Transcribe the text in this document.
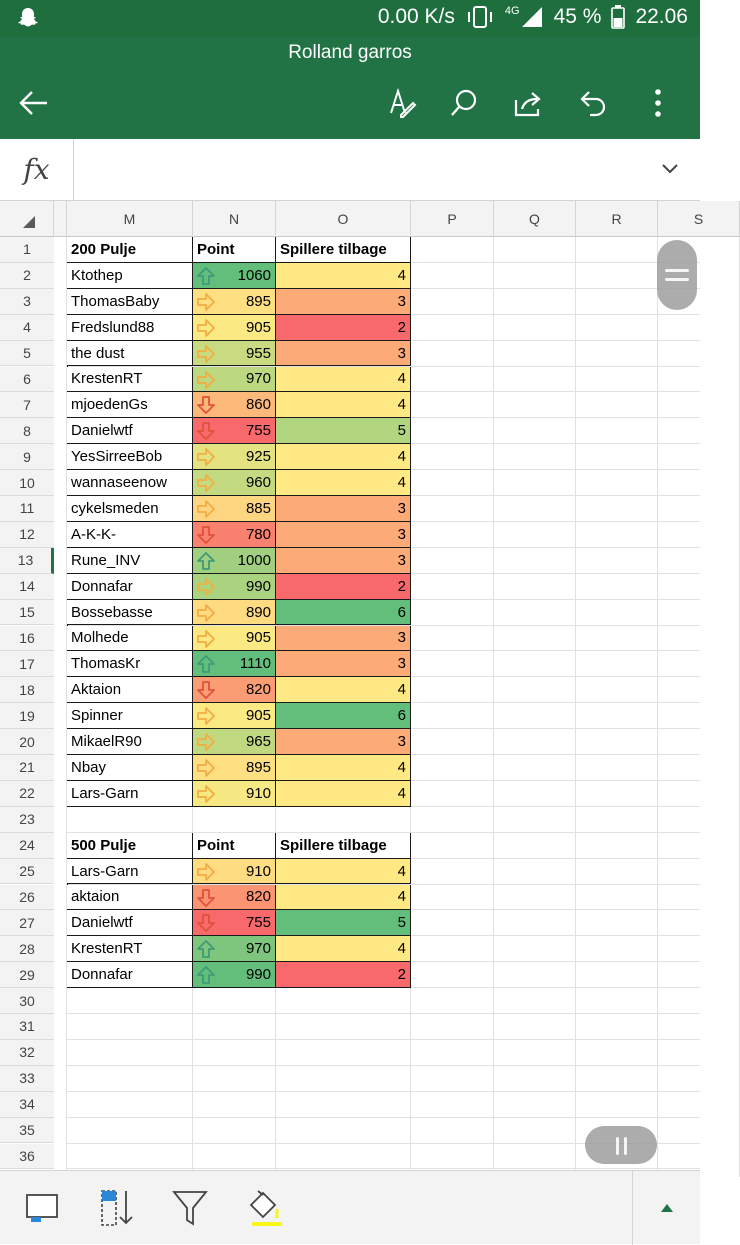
0.00 K/s	4G 45 % 22.06
Rolland garros
fx
M	N	O	P	Q	R	S
1
2
3
4
5
6
7
8
9
10
11
12
13
14
15
16
17
18
19
20
21
22
23
24
25
26
27
28
29
30
31
32
33
34
35
36
200 Pulje	Point	Spillere tilbage
Ktothep	1060	4
ThomasBaby	895	3
Fredslund88	905	2
the dust	955	3
KrestenRT	970	4
mjoedenGs	860	4
Danielwtf	755	5
YesSirreeBob	925	4
wannaseenow	960	4
cykelsmeden	885	3
A-K-K-	780	3
Rune_INV	1000	3
Donnafar	990	2
Bossebasse	890	6
Molhede	905	3
ThomasKr	1110	3
Aktaion	820	4
Spinner	905	6
MikaelR90	965	3
Nbay	895	4
Lars-Garn	910	4
500 Pulje	Point	Spillere tilbage
Lars-Garn	910	4
aktaion	820	4
Danielwtf	755	5
KrestenRT	970	4
Donnafar	990	2
